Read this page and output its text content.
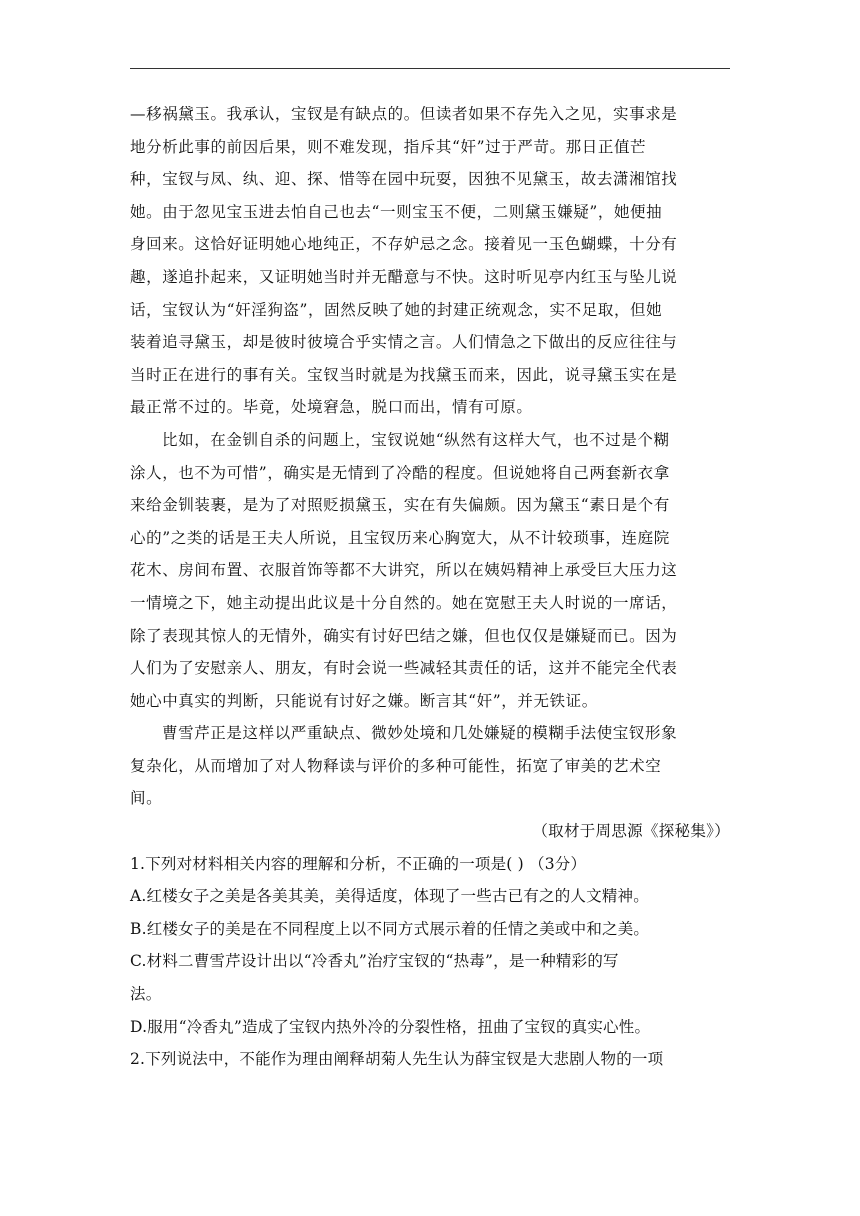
—移祸黛玉。我承认，宝钗是有缺点的。但读者如果不存先入之见，实事求是
地分析此事的前因后果，则不难发现，指斥其“奸”过于严苛。那日正值芒
种，宝钗与凤、纨、迎、探、惜等在园中玩耍，因独不见黛玉，故去潇湘馆找
她。由于忽见宝玉进去怕自己也去“一则宝玉不便，二则黛玉嫌疑”，她便抽
身回来。这恰好证明她心地纯正，不存妒忌之念。接着见一玉色蝴蝶，十分有
趣，遂追扑起来，又证明她当时并无醋意与不快。这时听见亭内红玉与坠儿说
话，宝钗认为“奸淫狗盗”，固然反映了她的封建正统观念，实不足取，但她
装着追寻黛玉，却是彼时彼境合乎实情之言。人们情急之下做出的反应往往与
当时正在进行的事有关。宝钗当时就是为找黛玉而来，因此，说寻黛玉实在是
最正常不过的。毕竟，处境窘急，脱口而出，情有可原。
比如，在金钏自杀的问题上，宝钗说她“纵然有这样大气，也不过是个糊
涂人，也不为可惜”，确实是无情到了冷酷的程度。但说她将自己两套新衣拿
来给金钏装裹，是为了对照贬损黛玉，实在有失偏颇。因为黛玉“素日是个有
心的”之类的话是王夫人所说，且宝钗历来心胸宽大，从不计较琐事，连庭院
花木、房间布置、衣服首饰等都不大讲究，所以在姨妈精神上承受巨大压力这
一情境之下，她主动提出此议是十分自然的。她在宽慰王夫人时说的一席话，
除了表现其惊人的无情外，确实有讨好巴结之嫌，但也仅仅是嫌疑而已。因为
人们为了安慰亲人、朋友，有时会说一些减轻其责任的话，这并不能完全代表
她心中真实的判断，只能说有讨好之嫌。断言其“奸”，并无铁证。
曹雪芹正是这样以严重缺点、微妙处境和几处嫌疑的模糊手法使宝钗形象
复杂化，从而增加了对人物释读与评价的多种可能性，拓宽了审美的艺术空
间。
（取材于周思源《探秘集》）
1.下列对材料相关内容的理解和分析，不正确的一项是( ) （3分）
A.红楼女子之美是各美其美，美得适度，体现了一些古已有之的人文精神。
B.红楼女子的美是在不同程度上以不同方式展示着的任情之美或中和之美。
C.材料二曹雪芹设计出以“冷香丸”治疗宝钗的“热毒”，是一种精彩的写
法。
D.服用“冷香丸”造成了宝钗内热外冷的分裂性格，扭曲了宝钗的真实心性。
2.下列说法中，不能作为理由阐释胡菊人先生认为薛宝钗是大悲剧人物的一项
